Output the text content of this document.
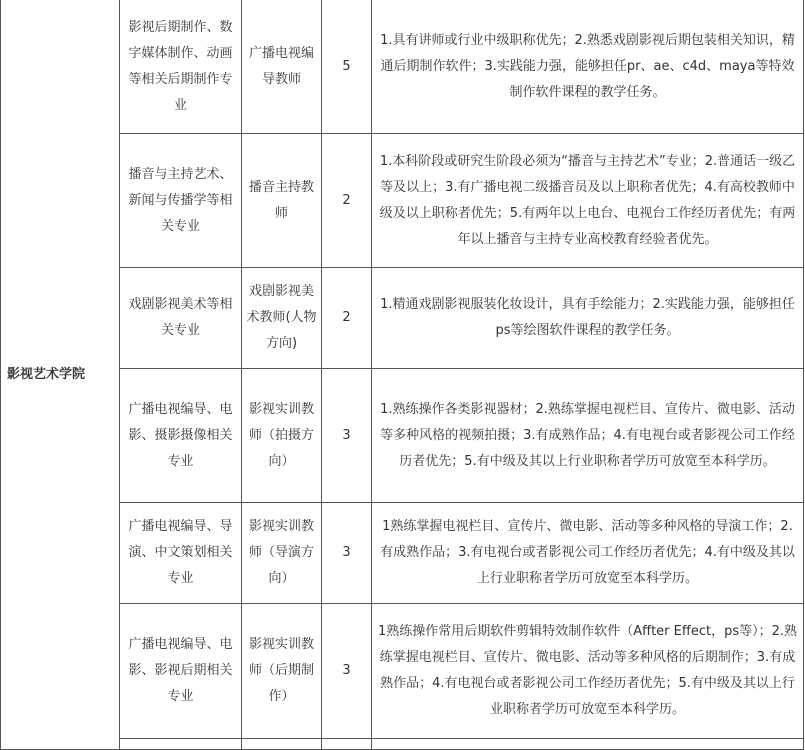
影视艺术学院	影视后期制作、数字媒体制作、动画等相关后期制作专业	广播电视编导教师	5	1.具有讲师或行业中级职称优先；2.熟悉戏剧影视后期包装相关知识，精通后期制作软件；3.实践能力强，能够担任pr、ae、c4d、maya等特效制作软件课程的教学任务。
	播音与主持艺术、新闻与传播学等相关专业	播音主持教师	2	1.本科阶段或研究生阶段必须为“播音与主持艺术”专业；2.普通话一级乙等及以上；3.有广播电视二级播音员及以上职称者优先；4.有高校教师中级及以上职称者优先；5.有两年以上电台、电视台工作经历者优先；有两年以上播音与主持专业高校教育经验者优先。
	戏剧影视美术等相关专业	戏剧影视美术教师(人物方向)	2	1.精通戏剧影视服装化妆设计，具有手绘能力；2.实践能力强，能够担任ps等绘图软件课程的教学任务。
	广播电视编导、电影、摄影摄像相关专业	影视实训教师（拍摄方向）	3	1.熟练操作各类影视器材；2.熟练掌握电视栏目、宣传片、微电影、活动等多种风格的视频拍摄；3.有成熟作品；4.有电视台或者影视公司工作经历者优先；5.有中级及其以上行业职称者学历可放宽至本科学历。
	广播电视编导、导演、中文策划相关专业	影视实训教师（导演方向）	3	1熟练掌握电视栏目、宣传片、微电影、活动等多种风格的导演工作；2.有成熟作品；3.有电视台或者影视公司工作经历者优先；4.有中级及其以上行业职称者学历可放宽至本科学历。
	广播电视编导、电影、影视后期相关专业	影视实训教师（后期制作）	3	1熟练操作常用后期软件剪辑特效制作软件（Affter Effect，ps等）；2.熟练掌握电视栏目、宣传片、微电影、活动等多种风格的后期制作；3.有成熟作品；4.有电视台或者影视公司工作经历者优先；5.有中级及其以上行业职称者学历可放宽至本科学历。
